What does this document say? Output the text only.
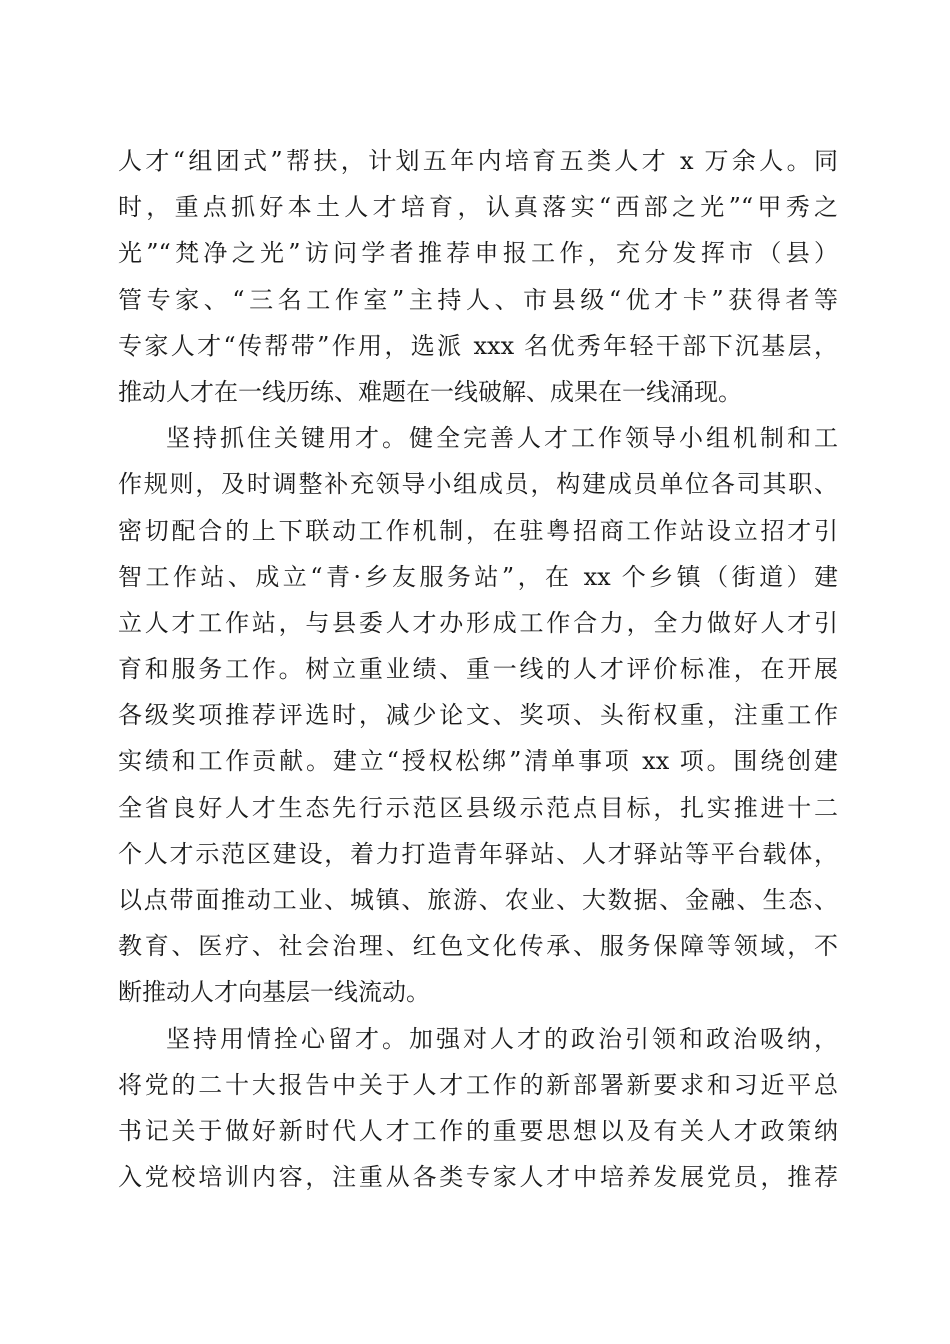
人才“组团式”帮扶，计划五年内培育五类人才 x 万余人。同
时，重点抓好本土人才培育，认真落实“西部之光”“甲秀之
光”“梵净之光”访问学者推荐申报工作，充分发挥市（县）
管专家、“三名工作室”主持人、市县级“优才卡”获得者等
专家人才“传帮带”作用，选派 xxx 名优秀年轻干部下沉基层，
推动人才在一线历练、难题在一线破解、成果在一线涌现。
坚持抓住关键用才。健全完善人才工作领导小组机制和工
作规则，及时调整补充领导小组成员，构建成员单位各司其职、
密切配合的上下联动工作机制，在驻粤招商工作站设立招才引
智工作站、成立“青·乡友服务站”，在 xx 个乡镇（街道）建
立人才工作站，与县委人才办形成工作合力，全力做好人才引
育和服务工作。树立重业绩、重一线的人才评价标准，在开展
各级奖项推荐评选时，减少论文、奖项、头衔权重，注重工作
实绩和工作贡献。建立“授权松绑”清单事项 xx 项。围绕创建
全省良好人才生态先行示范区县级示范点目标，扎实推进十二
个人才示范区建设，着力打造青年驿站、人才驿站等平台载体，
以点带面推动工业、城镇、旅游、农业、大数据、金融、生态、
教育、医疗、社会治理、红色文化传承、服务保障等领域，不
断推动人才向基层一线流动。
坚持用情拴心留才。加强对人才的政治引领和政治吸纳，
将党的二十大报告中关于人才工作的新部署新要求和习近平总
书记关于做好新时代人才工作的重要思想以及有关人才政策纳
入党校培训内容，注重从各类专家人才中培养发展党员，推荐
